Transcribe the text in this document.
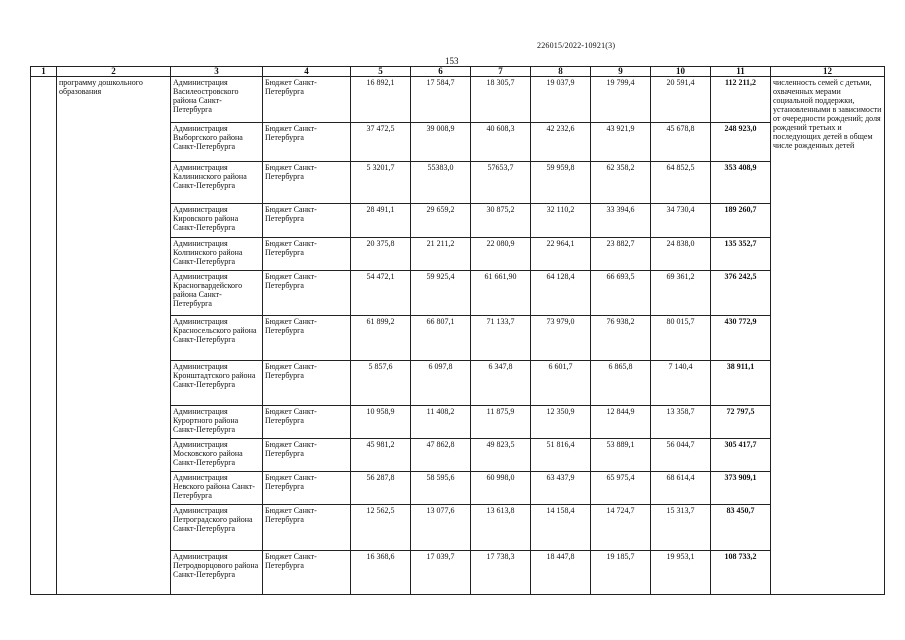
226015/2022-10921(3)
153
1	2	3	4	5	6	7	8	9	10	11	12
	программу дошкольного образования	Администрация Василеостровского района Санкт-Петербурга	Бюджет Санкт-Петербурга	16 892,1	17 584,7	18 305,7	19 037,9	19 799,4	20 591,4	112 211,2	численность семей с детьми, охваченных мерами социальной поддержки, установленными в зависимости от очередности рождений; доля рождений третьих и последующих детей в общем числе рожденных детей
		Администрация Выборгского района Санкт-Петербурга	Бюджет Санкт-Петербурга	37 472,5	39 008,9	40 608,3	42 232,6	43 921,9	45 678,8	248 923,0	
		Администрация Калининского района Санкт-Петербурга	Бюджет Санкт-Петербурга	5 3201,7	55383,0	57653,7	59 959,8	62 358,2	64 852,5	353 408,9	
		Администрация Кировского района Санкт-Петербурга	Бюджет Санкт-Петербурга	28 491,1	29 659,2	30 875,2	32 110,2	33 394,6	34 730,4	189 260,7	
		Администрация Колпинского района Санкт-Петербурга	Бюджет Санкт-Петербурга	20 375,8	21 211,2	22 080,9	22 964,1	23 882,7	24 838,0	135 352,7	
		Администрация Красногвардейского района Санкт-Петербурга	Бюджет Санкт-Петербурга	54 472,1	59 925,4	61 661,90	64 128,4	66 693,5	69 361,2	376 242,5	
		Администрация Красносельского района Санкт-Петербурга	Бюджет Санкт-Петербурга	61 899,2	66 807,1	71 133,7	73 979,0	76 938,2	80 015,7	430 772,9	
		Администрация Кронштадтского района Санкт-Петербурга	Бюджет Санкт-Петербурга	5 857,6	6 097,8	6 347,8	6 601,7	6 865,8	7 140,4	38 911,1	
		Администрация Курортного района Санкт-Петербурга	Бюджет Санкт-Петербурга	10 958,9	11 408,2	11 875,9	12 350,9	12 844,9	13 358,7	72 797,5	
		Администрация Московского района Санкт-Петербурга	Бюджет Санкт-Петербурга	45 981,2	47 862,8	49 823,5	51 816,4	53 889,1	56 044,7	305 417,7	
		Администрация Невского района Санкт-Петербурга	Бюджет Санкт-Петербурга	56 287,8	58 595,6	60 998,0	63 437,9	65 975,4	68 614,4	373 909,1	
		Администрация Петроградского района Санкт-Петербурга	Бюджет Санкт-Петербурга	12 562,5	13 077,6	13 613,8	14 158,4	14 724,7	15 313,7	83 450,7	
		Администрация Петродворцового района Санкт-Петербурга	Бюджет Санкт-Петербурга	16 368,6	17 039,7	17 738,3	18 447,8	19 185,7	19 953,1	108 733,2	
